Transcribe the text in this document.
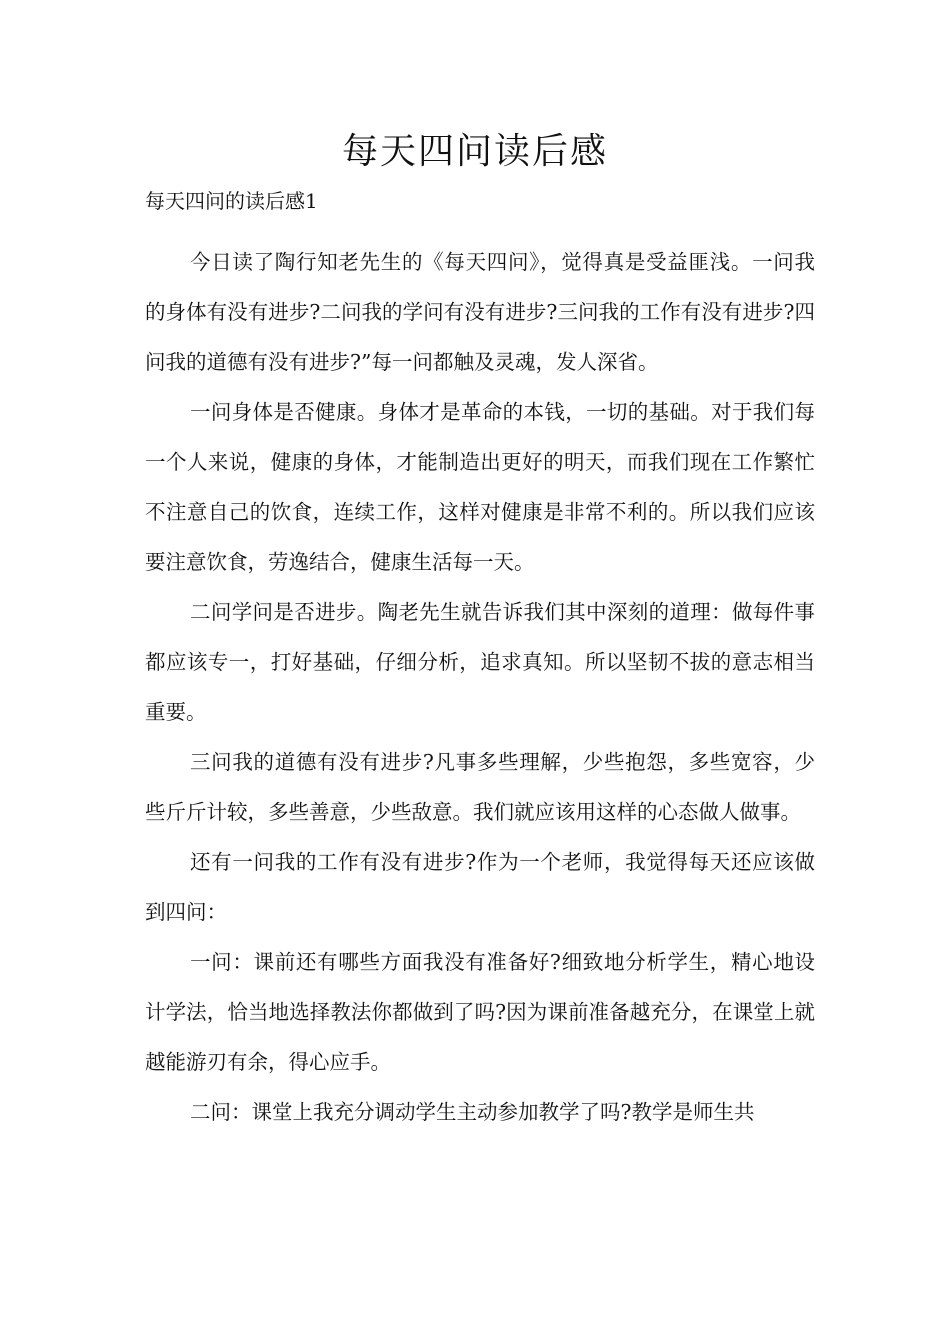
每天四问读后感

每天四问的读后感1

今日读了陶行知老先生的《每天四问》，觉得真是受益匪浅。一问我的身体有没有进步?二问我的学问有没有进步?三问我的工作有没有进步?四问我的道德有没有进步?”每一问都触及灵魂，发人深省。

一问身体是否健康。身体才是革命的本钱，一切的基础。对于我们每一个人来说，健康的身体，才能制造出更好的明天，而我们现在工作繁忙不注意自己的饮食，连续工作，这样对健康是非常不利的。所以我们应该要注意饮食，劳逸结合，健康生活每一天。

二问学问是否进步。陶老先生就告诉我们其中深刻的道理：做每件事都应该专一，打好基础，仔细分析，追求真知。所以坚韧不拔的意志相当重要。

三问我的道德有没有进步?凡事多些理解，少些抱怨，多些宽容，少些斤斤计较，多些善意，少些敌意。我们就应该用这样的心态做人做事。

还有一问我的工作有没有进步?作为一个老师，我觉得每天还应该做到四问：

一问：课前还有哪些方面我没有准备好?细致地分析学生，精心地设计学法，恰当地选择教法你都做到了吗?因为课前准备越充分，在课堂上就越能游刃有余，得心应手。

二问：课堂上我充分调动学生主动参加教学了吗?教学是师生共
